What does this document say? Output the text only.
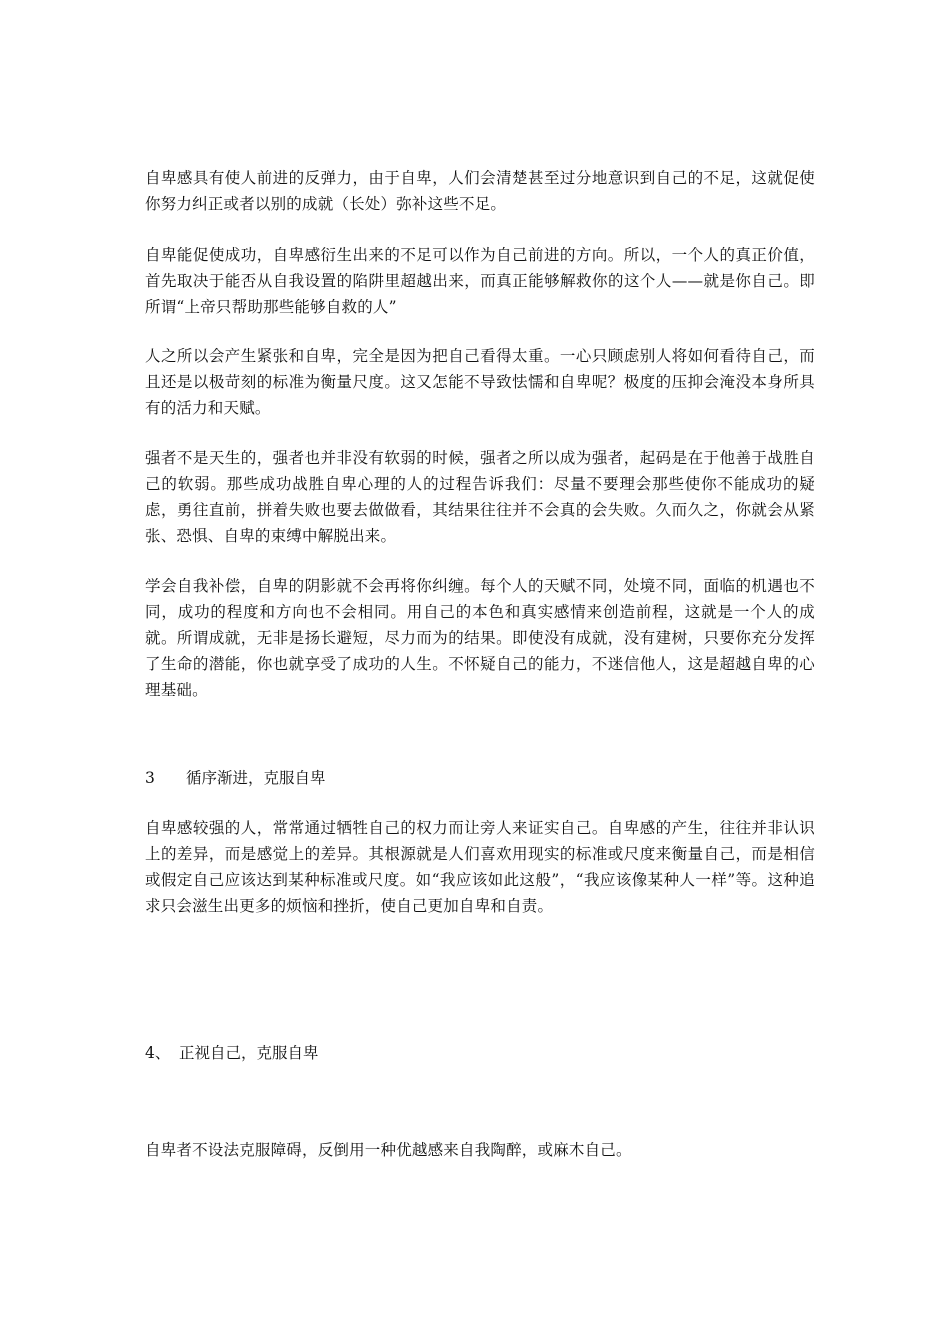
自卑感具有使人前进的反弹力，由于自卑，人们会清楚甚至过分地意识到自己的不足，这就促使你努力纠正或者以别的成就（长处）弥补这些不足。

自卑能促使成功，自卑感衍生出来的不足可以作为自己前进的方向。所以，一个人的真正价值，首先取决于能否从自我设置的陷阱里超越出来，而真正能够解救你的这个人——就是你自己。即所谓“上帝只帮助那些能够自救的人”

人之所以会产生紧张和自卑，完全是因为把自己看得太重。一心只顾虑别人将如何看待自己，而且还是以极苛刻的标准为衡量尺度。这又怎能不导致怯懦和自卑呢？极度的压抑会淹没本身所具有的活力和天赋。

强者不是天生的，强者也并非没有软弱的时候，强者之所以成为强者，起码是在于他善于战胜自己的软弱。那些成功战胜自卑心理的人的过程告诉我们：尽量不要理会那些使你不能成功的疑虑，勇往直前，拼着失败也要去做做看，其结果往往并不会真的会失败。久而久之，你就会从紧张、恐惧、自卑的束缚中解脱出来。

学会自我补偿，自卑的阴影就不会再将你纠缠。每个人的天赋不同，处境不同，面临的机遇也不同，成功的程度和方向也不会相同。用自己的本色和真实感情来创造前程，这就是一个人的成就。所谓成就，无非是扬长避短，尽力而为的结果。即使没有成就，没有建树，只要你充分发挥了生命的潜能，你也就享受了成功的人生。不怀疑自己的能力，不迷信他人，这是超越自卑的心理基础。

3 循序渐进，克服自卑

自卑感较强的人，常常通过牺牲自己的权力而让旁人来证实自己。自卑感的产生，往往并非认识上的差异，而是感觉上的差异。其根源就是人们喜欢用现实的标准或尺度来衡量自己，而是相信或假定自己应该达到某种标准或尺度。如“我应该如此这般”，“我应该像某种人一样”等。这种追求只会滋生出更多的烦恼和挫折，使自己更加自卑和自责。

4、 正视自己，克服自卑

自卑者不设法克服障碍，反倒用一种优越感来自我陶醉，或麻木自己。
